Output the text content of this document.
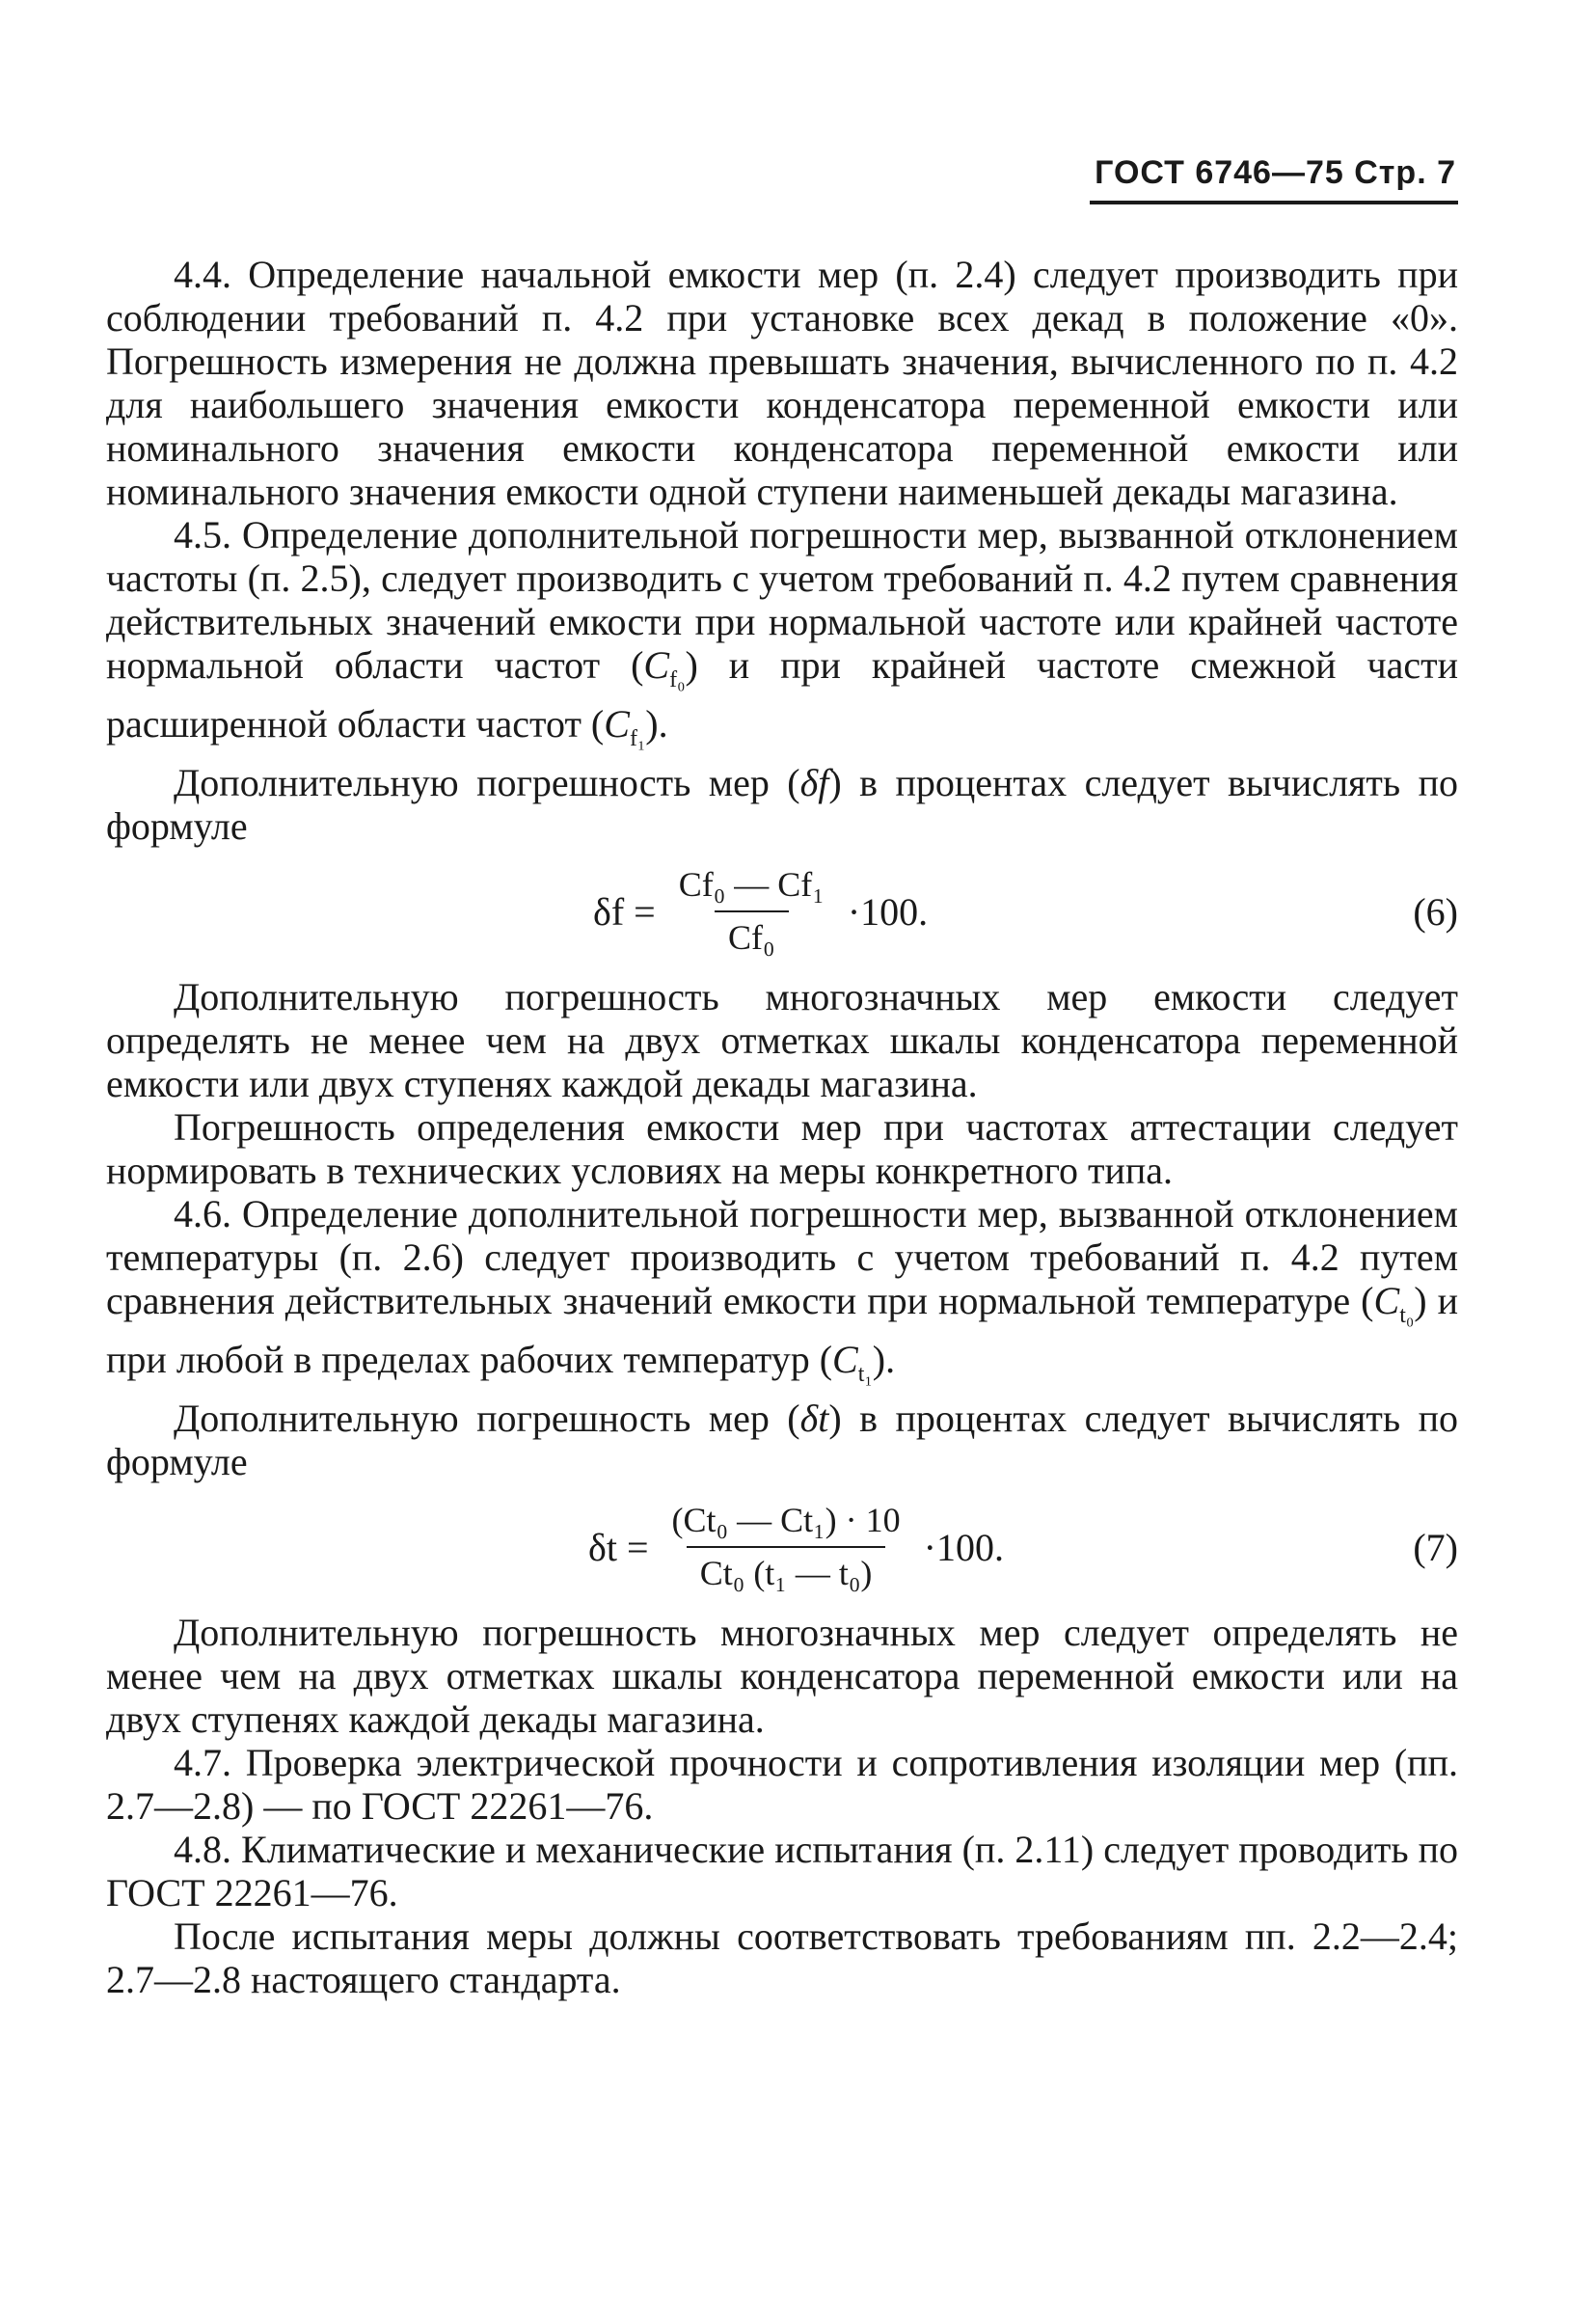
ГОСТ 6746—75 Стр. 7

4.4. Определение начальной емкости мер (п. 2.4) следует производить при соблюдении требований п. 4.2 при установке всех декад в положение «0». Погрешность измерения не должна превышать значения, вычисленного по п. 4.2 для наибольшего значения емкости конденсатора переменной емкости или номинального значения емкости конденсатора переменной емкости или номинального значения емкости одной ступени наименьшей декады магазина.

4.5. Определение дополнительной погрешности мер, вызванной отклонением частоты (п. 2.5), следует производить с учетом требований п. 4.2 путем сравнения действительных значений емкости при нормальной частоте или крайней частоте нормальной области частот $(C_{f_0})$ и при крайней частоте смежной части расширенной области частот $(C_{f_1})$.

Дополнительную погрешность мер (δf) в процентах следует вычислять по формуле

$\delta f = \frac{\text{Cf₀ — Cf₁}}{\text{Cf₀}} \cdot 100$.	(6)

Дополнительную погрешность многозначных мер емкости следует определять не менее чем на двух отметках шкалы конденсатора переменной емкости или двух ступенях каждой декады магазина.

Погрешность определения емкости мер при частотах аттестации следует нормировать в технических условиях на меры конкретного типа.

4.6. Определение дополнительной погрешности мер, вызванной отклонением температуры (п. 2.6) следует производить с учетом требований п. 4.2 путем сравнения действительных значений емкости при нормальной температуре $(C_{t_0})$ и при любой в пределах рабочих температур $(C_{t_1})$.

Дополнительную погрешность мер (δt) в процентах следует вычислять по формуле

$\delta t = \frac{\text{(Ct₀ — Ct₁) · 10}}{\text{Ct₀ (t₁ — t₀)}} \cdot 100$.	(7)

Дополнительную погрешность многозначных мер следует определять не менее чем на двух отметках шкалы конденсатора переменной емкости или на двух ступенях каждой декады магазина.

4.7. Проверка электрической прочности и сопротивления изоляции мер (пп. 2.7—2.8) — по ГОСТ 22261—76.

4.8. Климатические и механические испытания (п. 2.11) следует проводить по ГОСТ 22261—76.

После испытания меры должны соответствовать требованиям пп. 2.2—2.4; 2.7—2.8 настоящего стандарта.
